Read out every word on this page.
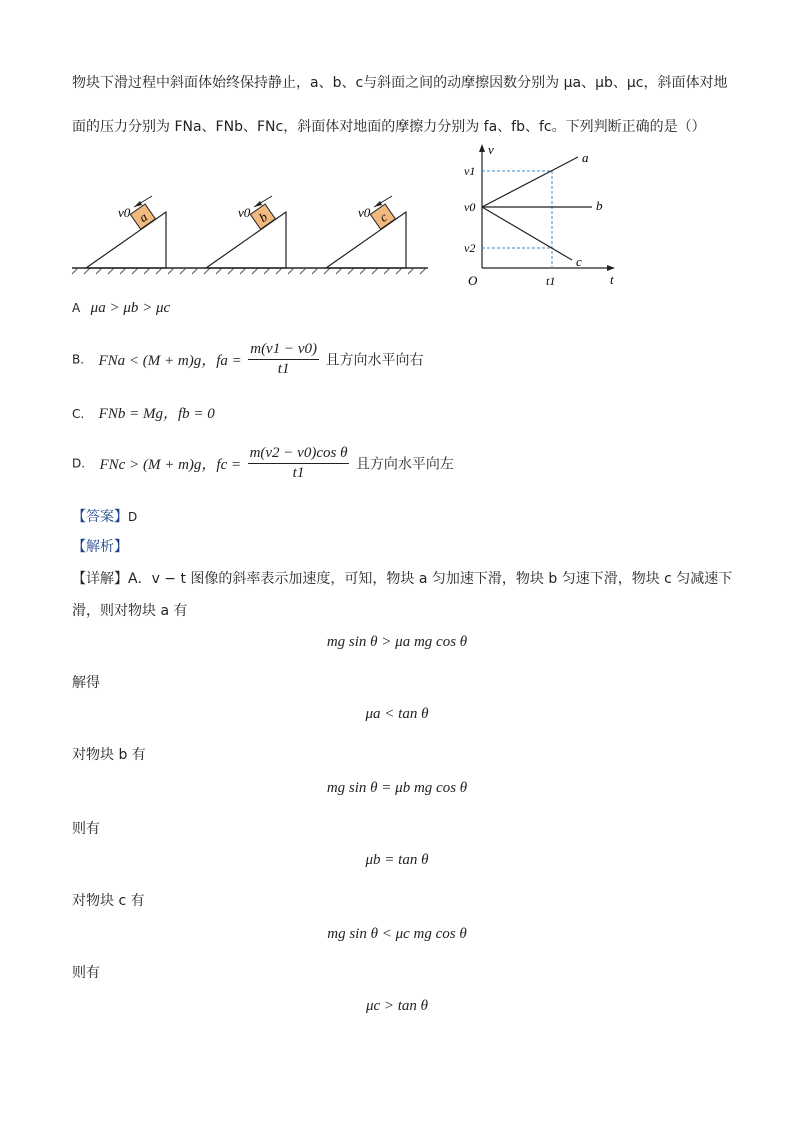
物块下滑过程中斜面体始终保持静止，a、b、c与斜面之间的动摩擦因数分别为 μa、μb、μc，斜面体对地
面的压力分别为 FNa、FNb、FNc，斜面体对地面的摩擦力分别为 fa、fb、fc。下列判断正确的是（）
a
v0	b
v0	c
v0
v
t
O
a
b
c
v1
v0
v2
t1
A μa > μb > μc
B. FNa < (M + m)g，fa = $\frac{m(v1 - v0)}{t1}$ 且方向水平向右
C. FNb = Mg，fb = 0
D. FNc > (M + m)g，fc = $\frac{\text{m(v2 − v0)cos θ}}{t1}$ 且方向水平向左
【答案】D
【解析】
【详解】A．v − t 图像的斜率表示加速度，可知，物块 a 匀加速下滑，物块 b 匀速下滑，物块 c 匀减速下
滑，则对物块 a 有
mg sin θ > μa mg cos θ
解得
μa < tan θ
对物块 b 有
mg sin θ = μb mg cos θ
则有
μb = tan θ
对物块 c 有
mg sin θ < μc mg cos θ
则有
μc > tan θ
